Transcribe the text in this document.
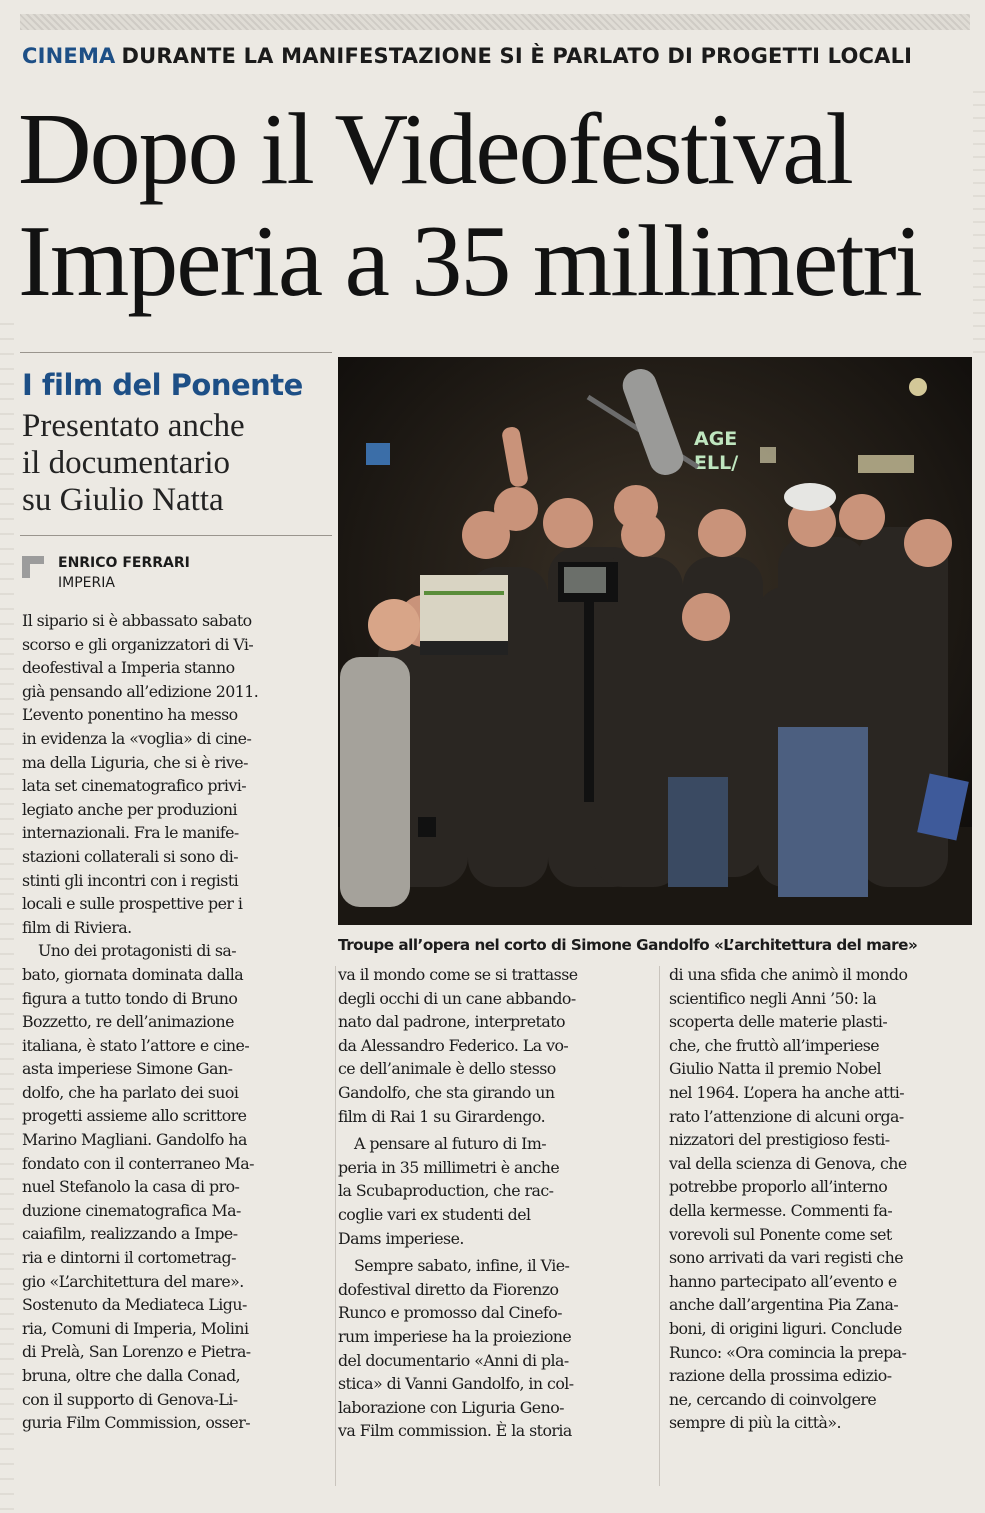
CINEMA DURANTE LA MANIFESTAZIONE SI È PARLATO DI PROGETTI LOCALI
Dopo il Videofestival
Imperia a 35 millimetri
I film del Ponente
Presentato anche
il documentario
su Giulio Natta
ENRICO FERRARI
IMPERIA
AGE
ELL/
Troupe all’opera nel corto di Simone Gandolfo «L’architettura del mare»
Il sipario si è abbassato sabato
scorso e gli organizzatori di Vi-
deofestival a Imperia stanno
già pensando all’edizione 2011.
L’evento ponentino ha messo
in evidenza la «voglia» di cine-
ma della Liguria, che si è rive-
lata set cinematografico privi-
legiato anche per produzioni
internazionali. Fra le manife-
stazioni collaterali si sono di-
stinti gli incontri con i registi
locali e sulle prospettive per i
film di Riviera.
Uno dei protagonisti di sa-
bato, giornata dominata dalla
figura a tutto tondo di Bruno
Bozzetto, re dell’animazione
italiana, è stato l’attore e cine-
asta imperiese Simone Gan-
dolfo, che ha parlato dei suoi
progetti assieme allo scrittore
Marino Magliani. Gandolfo ha
fondato con il conterraneo Ma-
nuel Stefanolo la casa di pro-
duzione cinematografica Ma-
caiafilm, realizzando a Impe-
ria e dintorni il cortometrag-
gio «L’architettura del mare».
Sostenuto da Mediateca Ligu-
ria, Comuni di Imperia, Molini
di Prelà, San Lorenzo e Pietra-
bruna, oltre che dalla Conad,
con il supporto di Genova-Li-
guria Film Commission, osser-
va il mondo come se si trattasse
degli occhi di un cane abbando-
nato dal padrone, interpretato
da Alessandro Federico. La vo-
ce dell’animale è dello stesso
Gandolfo, che sta girando un
film di Rai 1 su Girardengo.
A pensare al futuro di Im-
peria in 35 millimetri è anche
la Scubaproduction, che rac-
coglie vari ex studenti del
Dams imperiese.
Sempre sabato, infine, il Vie-
dofestival diretto da Fiorenzo
Runco e promosso dal Cinefo-
rum imperiese ha la proiezione
del documentario «Anni di pla-
stica» di Vanni Gandolfo, in col-
laborazione con Liguria Geno-
va Film commission. È la storia
di una sfida che animò il mondo
scientifico negli Anni ’50: la
scoperta delle materie plasti-
che, che fruttò all’imperiese
Giulio Natta il premio Nobel
nel 1964. L’opera ha anche atti-
rato l’attenzione di alcuni orga-
nizzatori del prestigioso festi-
val della scienza di Genova, che
potrebbe proporlo all’interno
della kermesse. Commenti fa-
vorevoli sul Ponente come set
sono arrivati da vari registi che
hanno partecipato all’evento e
anche dall’argentina Pia Zana-
boni, di origini liguri. Conclude
Runco: «Ora comincia la prepa-
razione della prossima edizio-
ne, cercando di coinvolgere
sempre di più la città».
